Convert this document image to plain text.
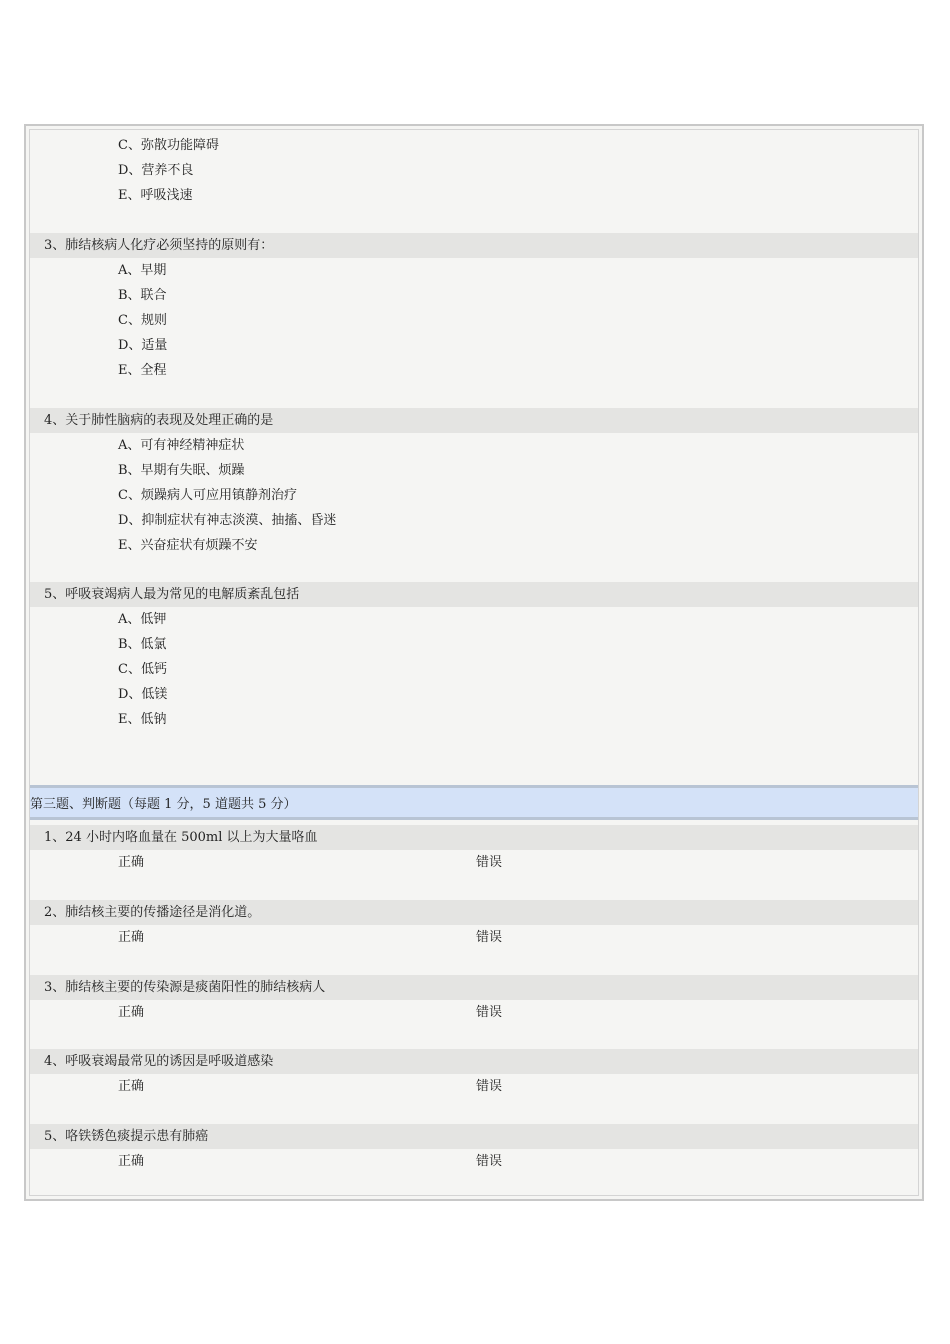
C、弥散功能障碍
D、营养不良
E、呼吸浅速
3、肺结核病人化疗必须坚持的原则有：
A、早期
B、联合
C、规则
D、适量
E、全程
4、关于肺性脑病的表现及处理正确的是
A、可有神经精神症状
B、早期有失眠、烦躁
C、烦躁病人可应用镇静剂治疗
D、抑制症状有神志淡漠、抽搐、昏迷
E、兴奋症状有烦躁不安
5、呼吸衰竭病人最为常见的电解质紊乱包括
A、低钾
B、低氯
C、低钙
D、低镁
E、低钠
第三题、判断题（每题 1 分，5 道题共 5 分）
1、24 小时内咯血量在 500ml 以上为大量咯血
正确	错误
2、肺结核主要的传播途径是消化道。
正确	错误
3、肺结核主要的传染源是痰菌阳性的肺结核病人
正确	错误
4、呼吸衰竭最常见的诱因是呼吸道感染
正确	错误
5、咯铁锈色痰提示患有肺癌
正确	错误
